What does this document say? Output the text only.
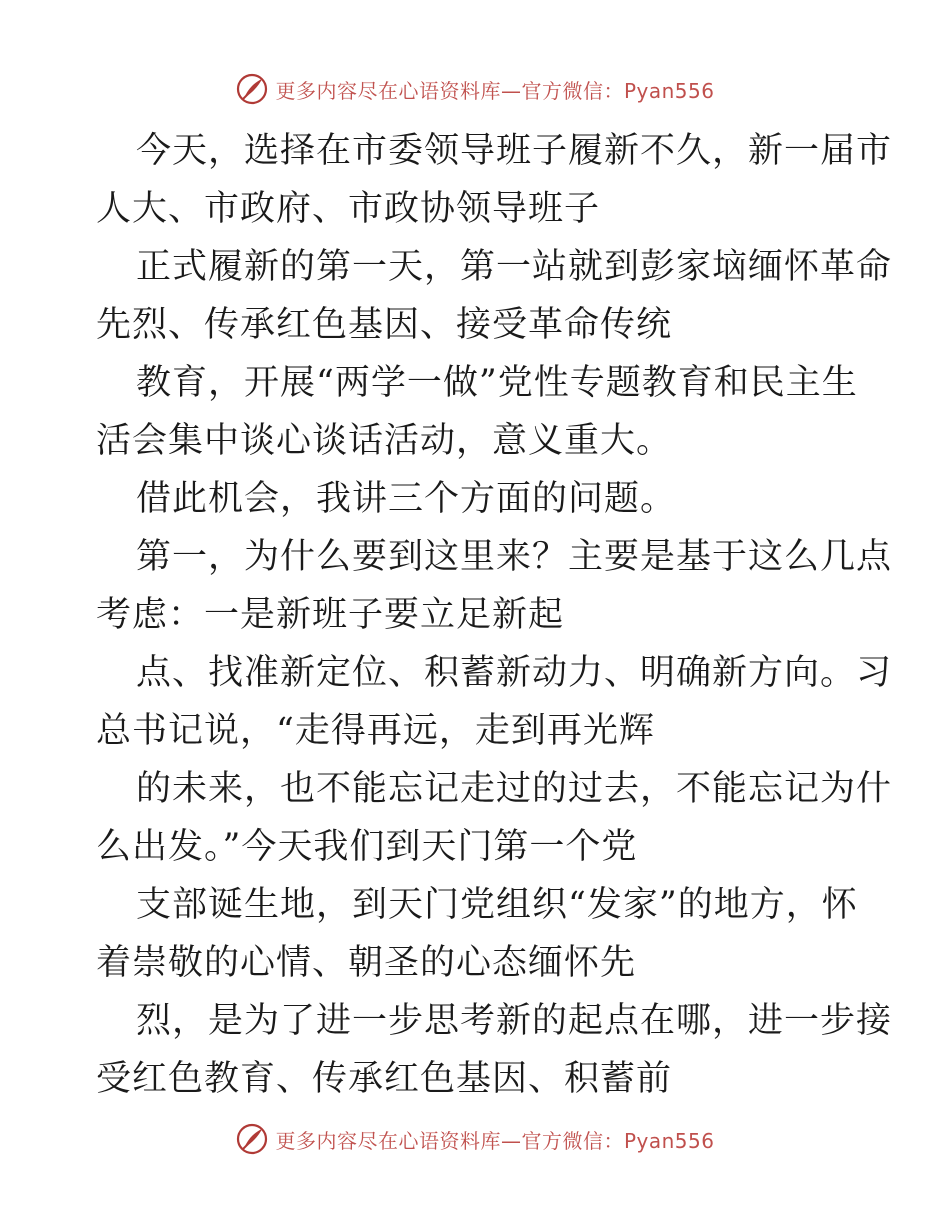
更多内容尽在心语资料库—官方微信：Pyan556

今天，选择在市委领导班子履新不久，新一届市
人大、市政府、市政协领导班子

正式履新的第一天，第一站就到彭家垴缅怀革命
先烈、传承红色基因、接受革命传统

教育，开展“两学一做”党性专题教育和民主生
活会集中谈心谈话活动，意义重大。

借此机会，我讲三个方面的问题。

第一，为什么要到这里来？主要是基于这么几点
考虑：一是新班子要立足新起

点、找准新定位、积蓄新动力、明确新方向。习
总书记说，“走得再远，走到再光辉

的未来，也不能忘记走过的过去，不能忘记为什
么出发。”今天我们到天门第一个党

支部诞生地，到天门党组织“发家”的地方，怀
着崇敬的心情、朝圣的心态缅怀先

烈，是为了进一步思考新的起点在哪，进一步接
受红色教育、传承红色基因、积蓄前

更多内容尽在心语资料库—官方微信：Pyan556
